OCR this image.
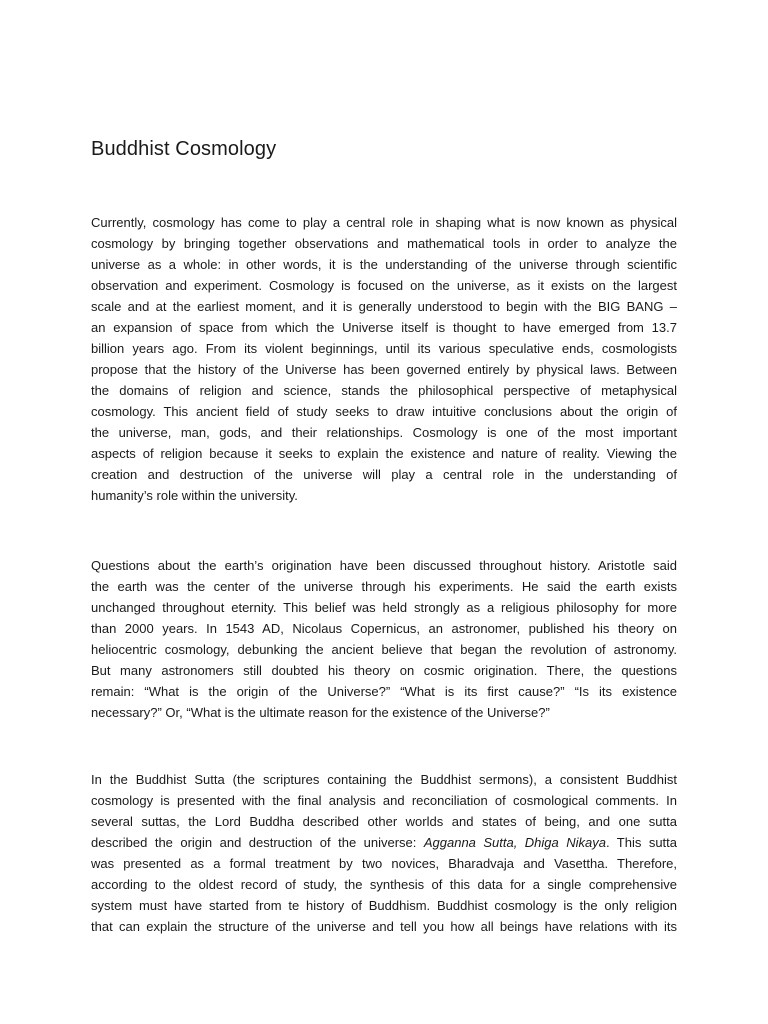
Buddhist Cosmology
Currently, cosmology has come to play a central role in shaping what is now known as physical
cosmology by bringing together observations and mathematical tools in order to analyze the
universe as a whole: in other words, it is the understanding of the universe through scientific
observation and experiment. Cosmology is focused on the universe, as it exists on the largest
scale and at the earliest moment, and it is generally understood to begin with the BIG BANG –
an expansion of space from which the Universe itself is thought to have emerged from 13.7
billion years ago. From its violent beginnings, until its various speculative ends, cosmologists
propose that the history of the Universe has been governed entirely by physical laws. Between
the domains of religion and science, stands the philosophical perspective of metaphysical
cosmology. This ancient field of study seeks to draw intuitive conclusions about the origin of
the universe, man, gods, and their relationships. Cosmology is one of the most important
aspects of religion because it seeks to explain the existence and nature of reality. Viewing the
creation and destruction of the universe will play a central role in the understanding of
humanity’s role within the university.
Questions about the earth’s origination have been discussed throughout history. Aristotle said
the earth was the center of the universe through his experiments. He said the earth exists
unchanged throughout eternity. This belief was held strongly as a religious philosophy for more
than 2000 years. In 1543 AD, Nicolaus Copernicus, an astronomer, published his theory on
heliocentric cosmology, debunking the ancient believe that began the revolution of astronomy.
But many astronomers still doubted his theory on cosmic origination. There, the questions
remain: “What is the origin of the Universe?” “What is its first cause?” “Is its existence
necessary?” Or, “What is the ultimate reason for the existence of the Universe?”
In the Buddhist Sutta (the scriptures containing the Buddhist sermons), a consistent Buddhist
cosmology is presented with the final analysis and reconciliation of cosmological comments. In
several suttas, the Lord Buddha described other worlds and states of being, and one sutta
described the origin and destruction of the universe: Agganna Sutta, Dhiga Nikaya. This sutta
was presented as a formal treatment by two novices, Bharadvaja and Vasettha. Therefore,
according to the oldest record of study, the synthesis of this data for a single comprehensive
system must have started from te history of Buddhism. Buddhist cosmology is the only religion
that can explain the structure of the universe and tell you how all beings have relations with its
